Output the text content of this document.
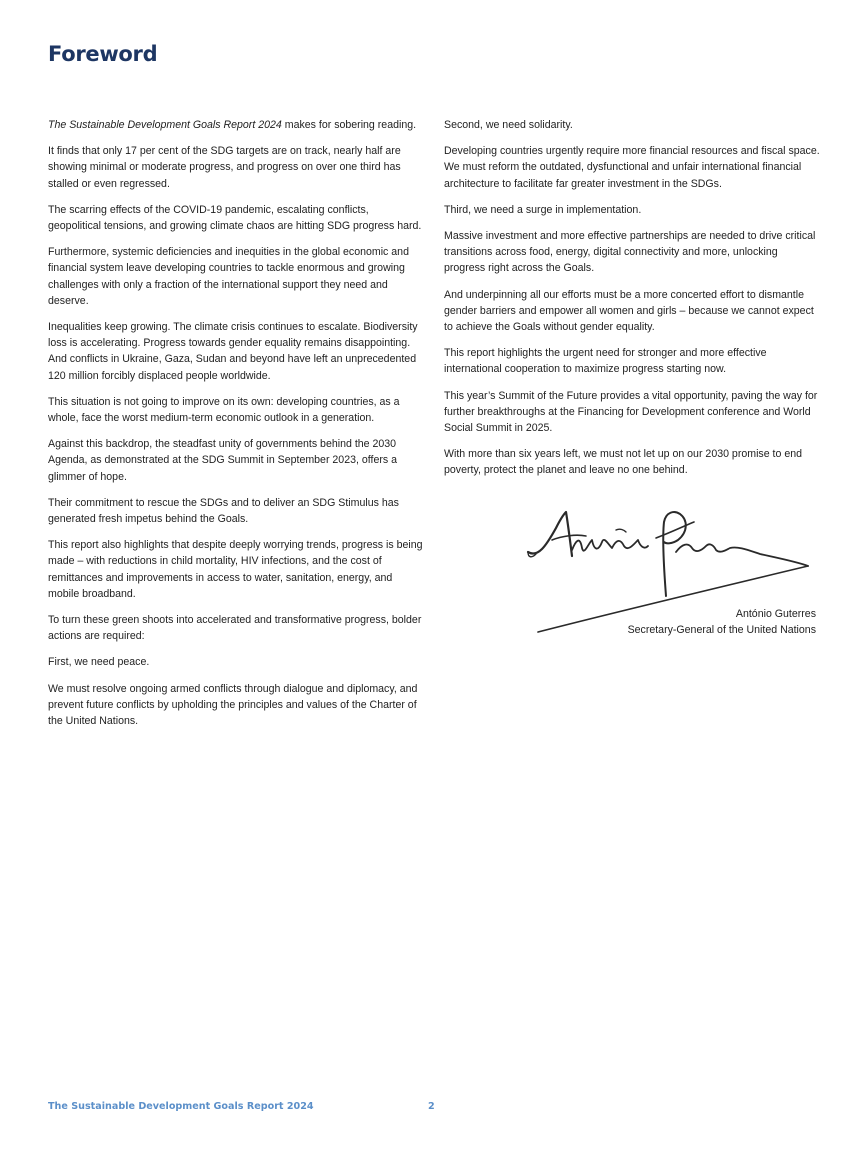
Foreword

The Sustainable Development Goals Report 2024 makes for sobering reading.

It finds that only 17 per cent of the SDG targets are on track, nearly half are showing minimal or moderate progress, and progress on over one third has stalled or even regressed.

The scarring effects of the COVID-19 pandemic, escalating conflicts, geopolitical tensions, and growing climate chaos are hitting SDG progress hard.

Furthermore, systemic deficiencies and inequities in the global economic and financial system leave developing countries to tackle enormous and growing challenges with only a fraction of the international support they need and deserve.

Inequalities keep growing. The climate crisis continues to escalate. Biodiversity loss is accelerating. Progress towards gender equality remains disappointing. And conflicts in Ukraine, Gaza, Sudan and beyond have left an unprecedented 120 million forcibly displaced people worldwide.

This situation is not going to improve on its own: developing countries, as a whole, face the worst medium-term economic outlook in a generation.

Against this backdrop, the steadfast unity of governments behind the 2030 Agenda, as demonstrated at the SDG Summit in September 2023, offers a glimmer of hope.

Their commitment to rescue the SDGs and to deliver an SDG Stimulus has generated fresh impetus behind the Goals.

This report also highlights that despite deeply worrying trends, progress is being made – with reductions in child mortality, HIV infections, and the cost of remittances and improvements in access to water, sanitation, energy, and mobile broadband.

To turn these green shoots into accelerated and transformative progress, bolder actions are required:

First, we need peace.

We must resolve ongoing armed conflicts through dialogue and diplomacy, and prevent future conflicts by upholding the principles and values of the Charter of the United Nations.

Second, we need solidarity.

Developing countries urgently require more financial resources and fiscal space. We must reform the outdated, dysfunctional and unfair international financial architecture to facilitate far greater investment in the SDGs.

Third, we need a surge in implementation.

Massive investment and more effective partnerships are needed to drive critical transitions across food, energy, digital connectivity and more, unlocking progress right across the Goals.

And underpinning all our efforts must be a more concerted effort to dismantle gender barriers and empower all women and girls – because we cannot expect to achieve the Goals without gender equality.

This report highlights the urgent need for stronger and more effective international cooperation to maximize progress starting now.

This year’s Summit of the Future provides a vital opportunity, paving the way for further breakthroughs at the Financing for Development conference and World Social Summit in 2025.

With more than six years left, we must not let up on our 2030 promise to end poverty, protect the planet and leave no one behind.

António Guterres
Secretary-General of the United Nations
The Sustainable Development Goals Report 2024	2
